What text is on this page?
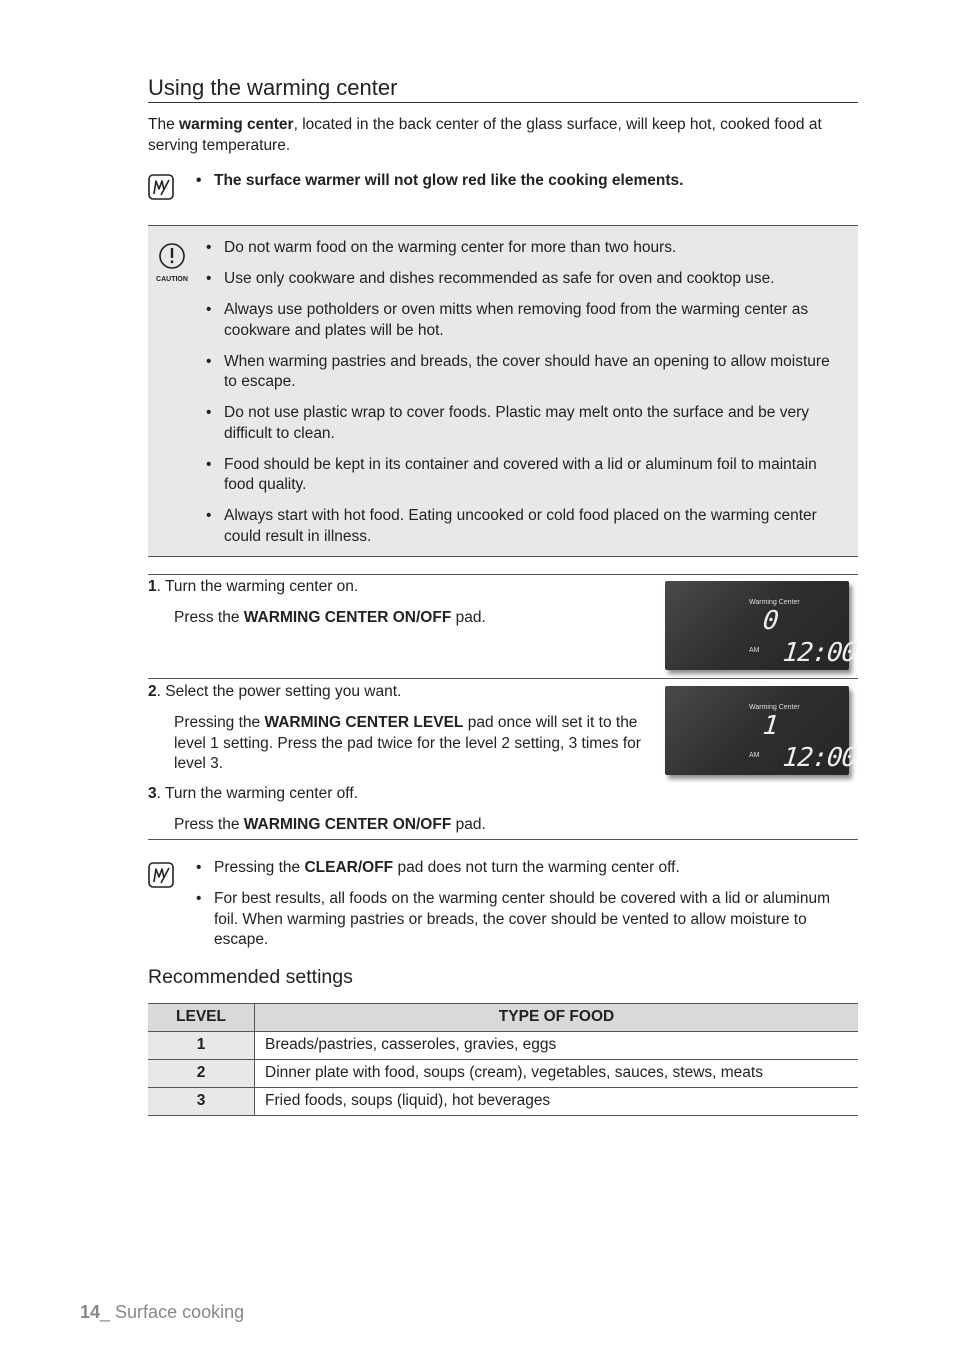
Using the warming center
The warming center, located in the back center of the glass surface, will keep hot, cooked food at serving temperature.
• The surface warmer will not glow red like the cooking elements.
CAUTION
• Do not warm food on the warming center for more than two hours.
• Use only cookware and dishes recommended as safe for oven and cooktop use.
• Always use potholders or oven mitts when removing food from the warming center as cookware and plates will be hot.
• When warming pastries and breads, the cover should have an opening to allow moisture to escape.
• Do not use plastic wrap to cover foods. Plastic may melt onto the surface and be very difficult to clean.
• Food should be kept in its container and covered with a lid or aluminum foil to maintain food quality.
• Always start with hot food. Eating uncooked or cold food placed on the warming center could result in illness.
1. Turn the warming center on.
Press the WARMING CENTER ON/OFF pad.
Warming Center
0
AM 12:00
2. Select the power setting you want.
Pressing the WARMING CENTER LEVEL pad once will set it to the level 1 setting. Press the pad twice for the level 2 setting, 3 times for level 3.
Warming Center
1
AM 12:00
3. Turn the warming center off.
Press the WARMING CENTER ON/OFF pad.
• Pressing the CLEAR/OFF pad does not turn the warming center off.
• For best results, all foods on the warming center should be covered with a lid or aluminum foil. When warming pastries or breads, the cover should be vented to allow moisture to escape.
Recommended settings
LEVEL	TYPE OF FOOD
1	Breads/pastries, casseroles, gravies, eggs
2	Dinner plate with food, soups (cream), vegetables, sauces, stews, meats
3	Fried foods, soups (liquid), hot beverages
14_ Surface cooking
